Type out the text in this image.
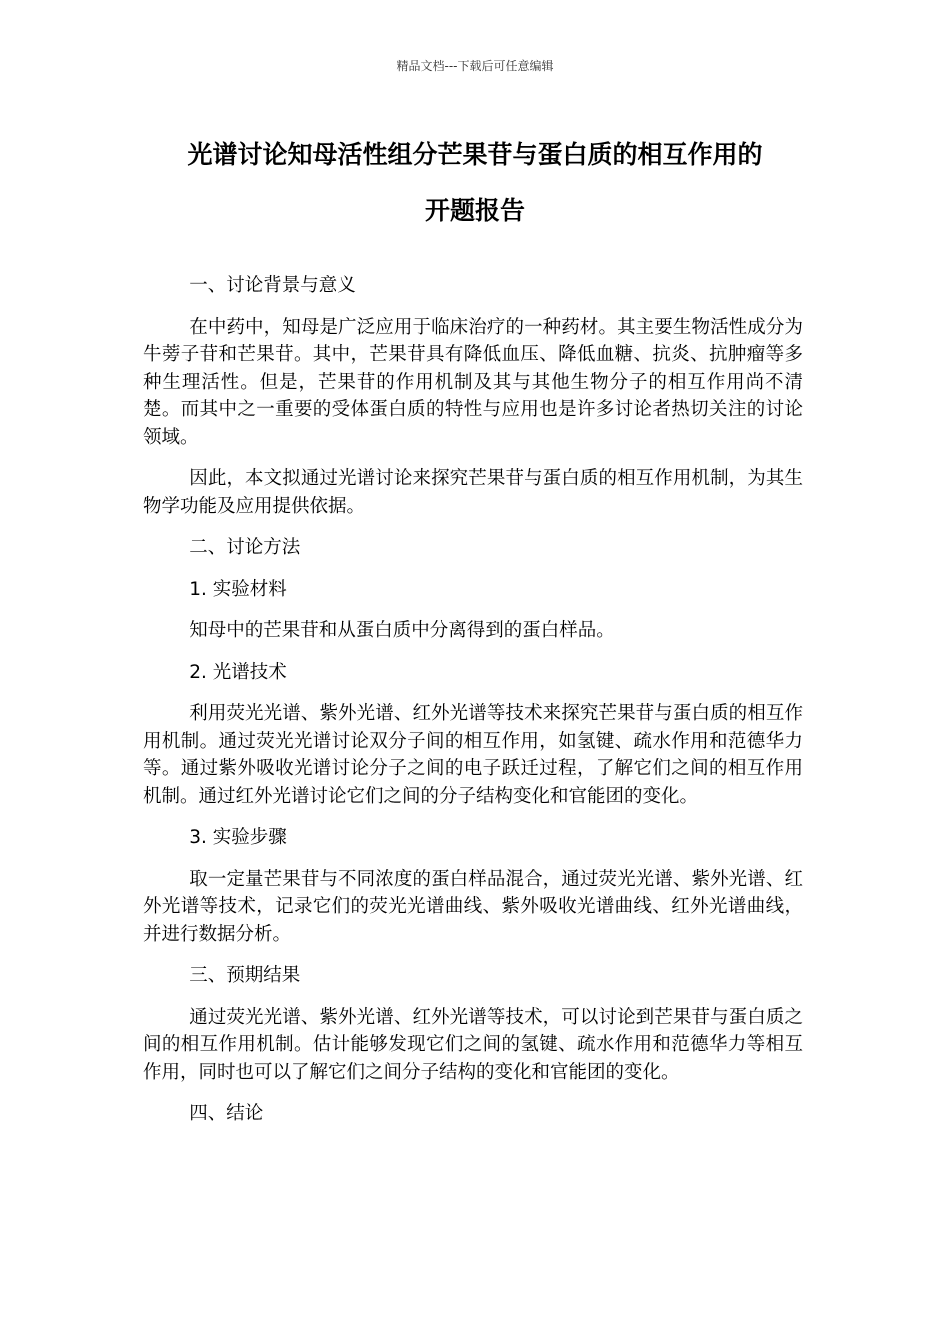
精品文档---下载后可任意编辑
光谱讨论知母活性组分芒果苷与蛋白质的相互作用的
开题报告

一、讨论背景与意义

在中药中，知母是广泛应用于临床治疗的一种药材。其主要生物活性成分为牛蒡子苷和芒果苷。其中，芒果苷具有降低血压、降低血糖、抗炎、抗肿瘤等多种生理活性。但是，芒果苷的作用机制及其与其他生物分子的相互作用尚不清楚。而其中之一重要的受体蛋白质的特性与应用也是许多讨论者热切关注的讨论领域。

因此，本文拟通过光谱讨论来探究芒果苷与蛋白质的相互作用机制，为其生物学功能及应用提供依据。

二、讨论方法

1. 实验材料

知母中的芒果苷和从蛋白质中分离得到的蛋白样品。

2. 光谱技术

利用荧光光谱、紫外光谱、红外光谱等技术来探究芒果苷与蛋白质的相互作用机制。通过荧光光谱讨论双分子间的相互作用，如氢键、疏水作用和范德华力等。通过紫外吸收光谱讨论分子之间的电子跃迁过程，了解它们之间的相互作用机制。通过红外光谱讨论它们之间的分子结构变化和官能团的变化。

3. 实验步骤

取一定量芒果苷与不同浓度的蛋白样品混合，通过荧光光谱、紫外光谱、红外光谱等技术，记录它们的荧光光谱曲线、紫外吸收光谱曲线、红外光谱曲线，并进行数据分析。

三、预期结果

通过荧光光谱、紫外光谱、红外光谱等技术，可以讨论到芒果苷与蛋白质之间的相互作用机制。估计能够发现它们之间的氢键、疏水作用和范德华力等相互作用，同时也可以了解它们之间分子结构的变化和官能团的变化。

四、结论
